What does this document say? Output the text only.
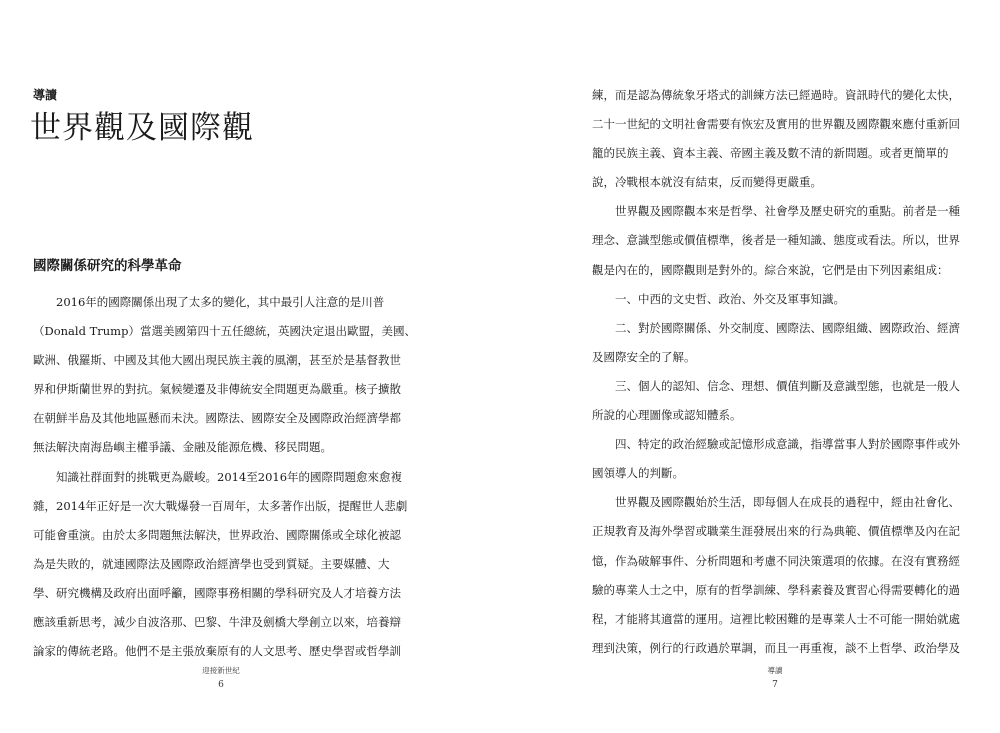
導讀
世界觀及國際觀
國際關係研究的科學革命
　　2016年的國際關係出現了太多的變化，其中最引人注意的是川普
（Donald Trump）當選美國第四十五任總統，英國決定退出歐盟，美國、
歐洲、俄羅斯、中國及其他大國出現民族主義的風潮，甚至於是基督教世
界和伊斯蘭世界的對抗。氣候變遷及非傳統安全問題更為嚴重。核子擴散
在朝鮮半島及其他地區懸而未決。國際法、國際安全及國際政治經濟學都
無法解決南海島嶼主權爭議、金融及能源危機、移民問題。
　　知識社群面對的挑戰更為嚴峻。2014至2016年的國際問題愈來愈複
雜，2014年正好是一次大戰爆發一百周年，太多著作出版，提醒世人悲劇
可能會重演。由於太多問題無法解決，世界政治、國際關係或全球化被認
為是失敗的，就連國際法及國際政治經濟學也受到質疑。主要媒體、大
學、研究機構及政府出面呼籲，國際事務相關的學科研究及人才培養方法
應該重新思考，減少自波洛那、巴黎、牛津及劍橋大學創立以來，培養辯
論家的傳統老路。他們不是主張放棄原有的人文思考、歷史學習或哲學訓
迎接新世紀
6
練，而是認為傳統象牙塔式的訓練方法已經過時。資訊時代的變化太快，
二十一世紀的文明社會需要有恢宏及實用的世界觀及國際觀來應付重新回
籠的民族主義、資本主義、帝國主義及數不清的新問題。或者更簡單的
說，冷戰根本就沒有結束，反而變得更嚴重。
　　世界觀及國際觀本來是哲學、社會學及歷史研究的重點。前者是一種
理念、意識型態或價值標準，後者是一種知識、態度或看法。所以，世界
觀是內在的，國際觀則是對外的。綜合來說，它們是由下列因素組成：
　　一、中西的文史哲、政治、外交及軍事知識。
　　二、對於國際關係、外交制度、國際法、國際組織、國際政治、經濟
及國際安全的了解。
　　三、個人的認知、信念、理想、價值判斷及意識型態，也就是一般人
所說的心理圖像或認知體系。
　　四、特定的政治經驗或記憶形成意識，指導當事人對於國際事件或外
國領導人的判斷。
　　世界觀及國際觀始於生活，即每個人在成長的過程中，經由社會化、
正規教育及海外學習或職業生涯發展出來的行為典範、價值標準及內在記
憶，作為破解事件、分析問題和考慮不同決策選項的依據。在沒有實務經
驗的專業人士之中，原有的哲學訓練、學科素養及實習心得需要轉化的過
程，才能將其適當的運用。這裡比較困難的是專業人士不可能一開始就處
理到決策，例行的行政過於單調，而且一再重複，談不上哲學、政治學及
導讀
7
